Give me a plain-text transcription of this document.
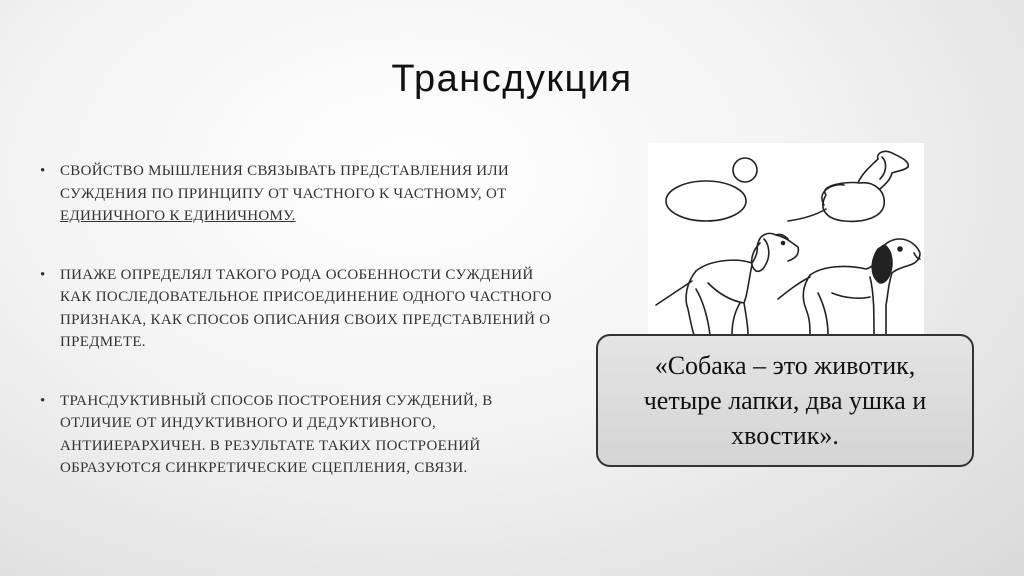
Трансдукция
• СВОЙСТВО МЫШЛЕНИЯ СВЯЗЫВАТЬ ПРЕДСТАВЛЕНИЯ ИЛИ СУЖДЕНИЯ ПО ПРИНЦИПУ ОТ ЧАСТНОГО К ЧАСТНОМУ, ОТ ЕДИНИЧНОГО К ЕДИНИЧНОМУ.
• ПИАЖЕ ОПРЕДЕЛЯЛ ТАКОГО РОДА ОСОБЕННОСТИ СУЖДЕНИЙ КАК ПОСЛЕДОВАТЕЛЬНОЕ ПРИСОЕДИНЕНИЕ ОДНОГО ЧАСТНОГО ПРИЗНАКА, КАК СПОСОБ ОПИСАНИЯ СВОИХ ПРЕДСТАВЛЕНИЙ О ПРЕДМЕТЕ.
• ТРАНСДУКТИВНЫЙ СПОСОБ ПОСТРОЕНИЯ СУЖДЕНИЙ, В ОТЛИЧИЕ ОТ ИНДУКТИВНОГО И ДЕДУКТИВНОГО, АНТИИЕРАРХИЧЕН. В РЕЗУЛЬТАТЕ ТАКИХ ПОСТРОЕНИЙ ОБРАЗУЮТСЯ СИНКРЕТИЧЕСКИЕ СЦЕПЛЕНИЯ, СВЯЗИ.
«Собака – это животик, четыре лапки, два ушка и хвостик».
